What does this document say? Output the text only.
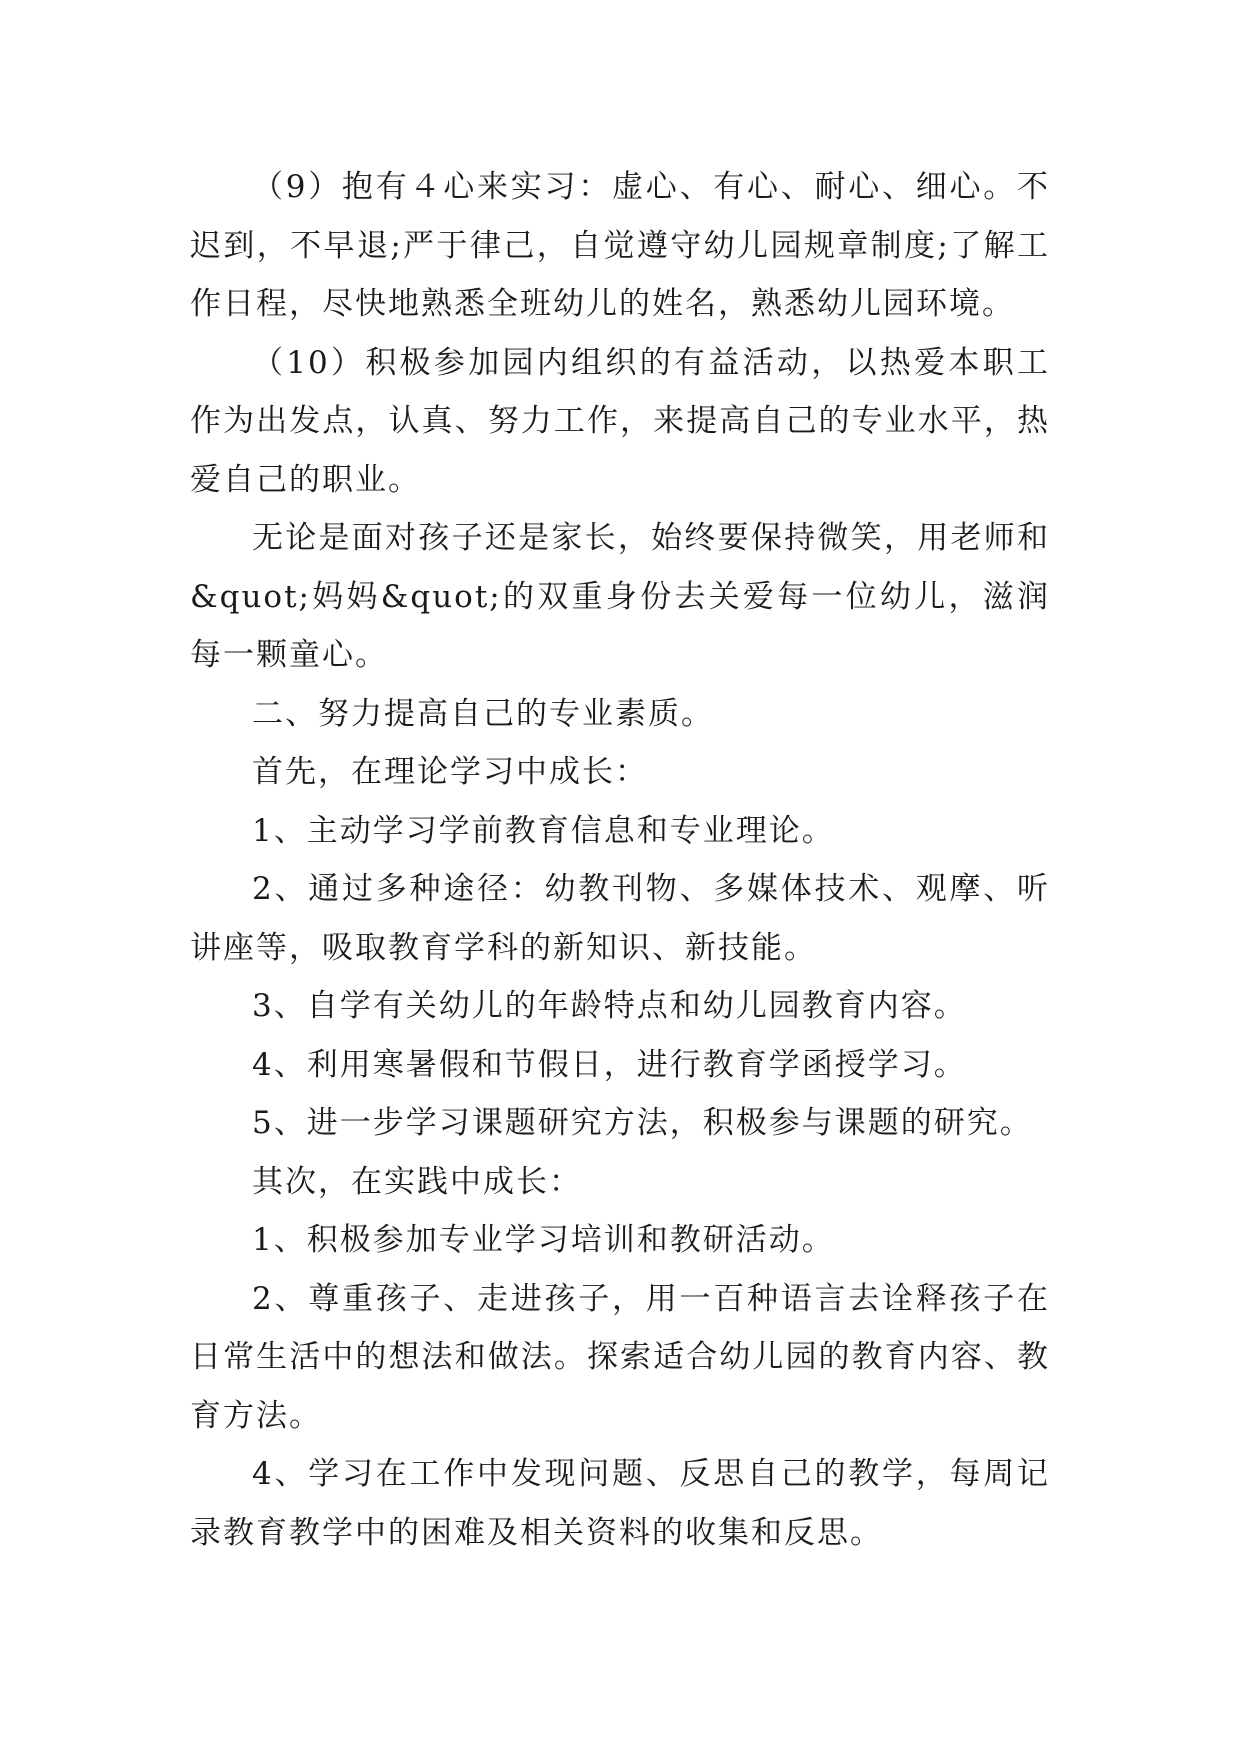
（9）抱有４心来实习：虚心、有心、耐心、细心。不迟到，不早退;严于律己，自觉遵守幼儿园规章制度;了解工作日程，尽快地熟悉全班幼儿的姓名，熟悉幼儿园环境。

（10）积极参加园内组织的有益活动，以热爱本职工作为出发点，认真、努力工作，来提高自己的专业水平，热爱自己的职业。

无论是面对孩子还是家长，始终要保持微笑，用老师和&quot;妈妈&quot;的双重身份去关爱每一位幼儿，滋润每一颗童心。

二、努力提高自己的专业素质。

首先，在理论学习中成长：

1、主动学习学前教育信息和专业理论。

2、通过多种途径：幼教刊物、多媒体技术、观摩、听讲座等，吸取教育学科的新知识、新技能。

3、自学有关幼儿的年龄特点和幼儿园教育内容。

4、利用寒暑假和节假日，进行教育学函授学习。

5、进一步学习课题研究方法，积极参与课题的研究。

其次，在实践中成长：

1、积极参加专业学习培训和教研活动。

2、尊重孩子、走进孩子，用一百种语言去诠释孩子在日常生活中的想法和做法。探索适合幼儿园的教育内容、教育方法。

4、学习在工作中发现问题、反思自己的教学，每周记录教育教学中的困难及相关资料的收集和反思。
